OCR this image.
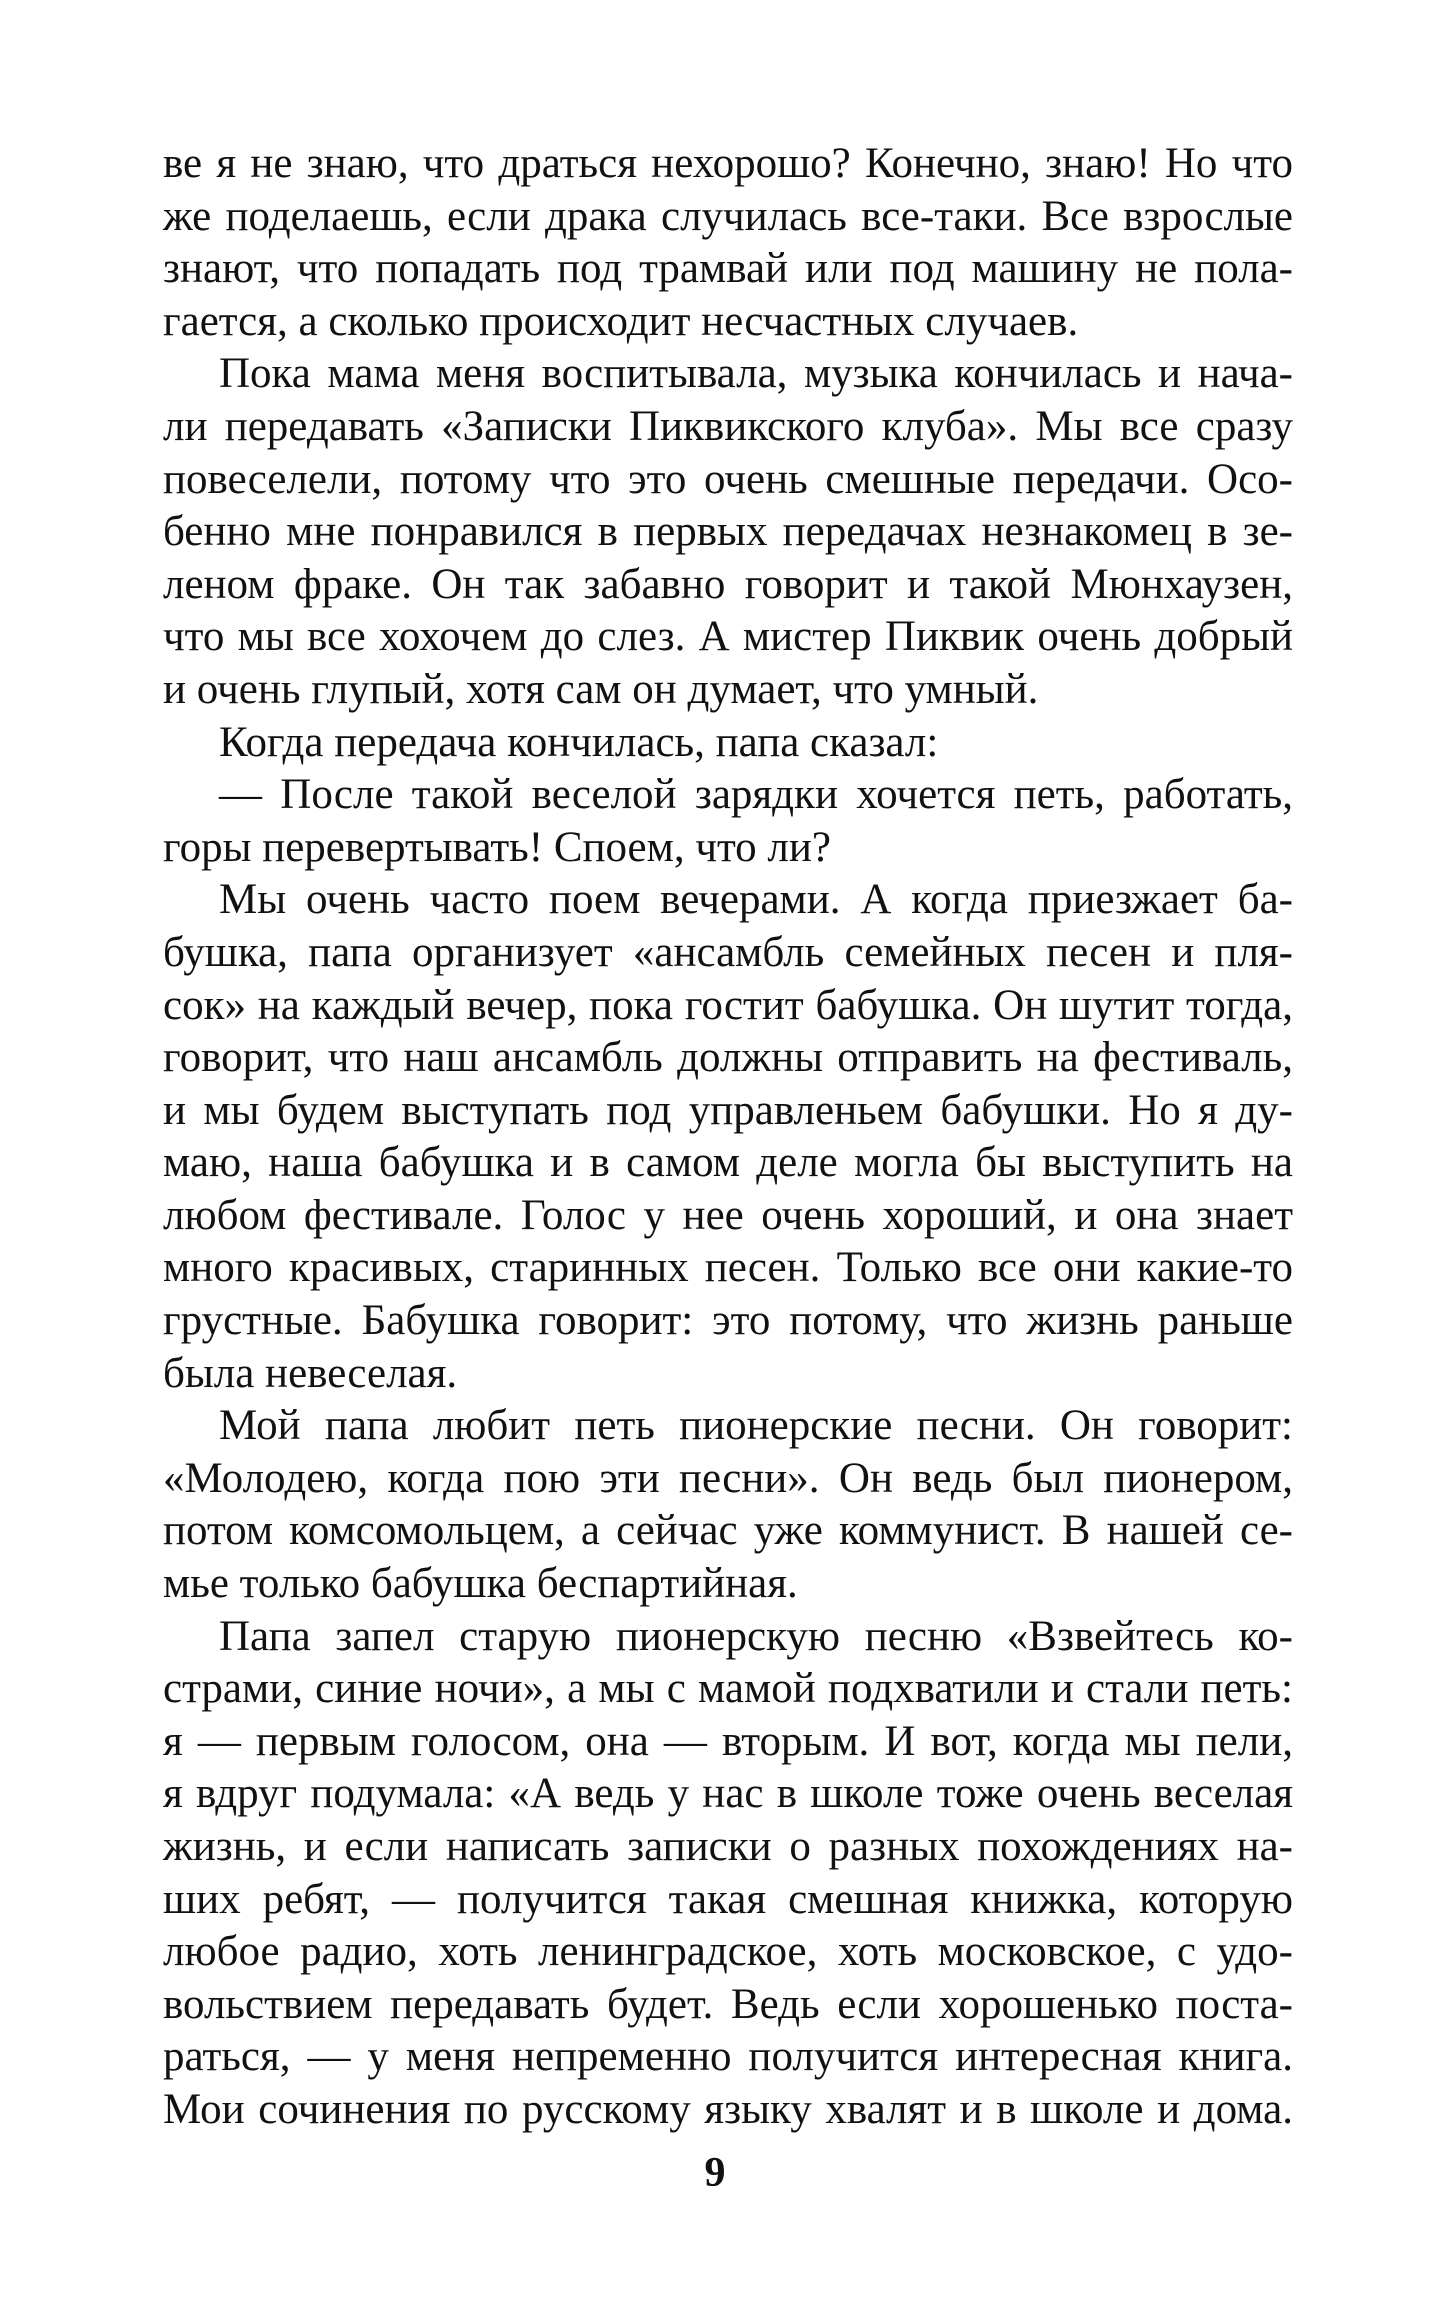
ве я не знаю, что драться нехорошо? Конечно, знаю! Но что
же поделаешь, если драка случилась все-таки. Все взрослые
знают, что попадать под трамвай или под машину не пола-
гается, а сколько происходит несчастных случаев.
Пока мама меня воспитывала, музыка кончилась и нача-
ли передавать «Записки Пиквикского клуба». Мы все сразу
повеселели, потому что это очень смешные передачи. Осо-
бенно мне понравился в первых передачах незнакомец в зе-
леном фраке. Он так забавно говорит и такой Мюнхаузен,
что мы все хохочем до слез. А мистер Пиквик очень добрый
и очень глупый, хотя сам он думает, что умный.
Когда передача кончилась, папа сказал:
— После такой веселой зарядки хочется петь, работать,
горы перевертывать! Споем, что ли?
Мы очень часто поем вечерами. А когда приезжает ба-
бушка, папа организует «ансамбль семейных песен и пля-
сок» на каждый вечер, пока гостит бабушка. Он шутит тогда,
говорит, что наш ансамбль должны отправить на фестиваль,
и мы будем выступать под управленьем бабушки. Но я ду-
маю, наша бабушка и в самом деле могла бы выступить на
любом фестивале. Голос у нее очень хороший, и она знает
много красивых, старинных песен. Только все они какие-то
грустные. Бабушка говорит: это потому, что жизнь раньше
была невеселая.
Мой папа любит петь пионерские песни. Он говорит:
«Молодею, когда пою эти песни». Он ведь был пионером,
потом комсомольцем, а сейчас уже коммунист. В нашей се-
мье только бабушка беспартийная.
Папа запел старую пионерскую песню «Взвейтесь ко-
страми, синие ночи», а мы с мамой подхватили и стали петь:
я — первым голосом, она — вторым. И вот, когда мы пели,
я вдруг подумала: «А ведь у нас в школе тоже очень веселая
жизнь, и если написать записки о разных похождениях на-
ших ребят, — получится такая смешная книжка, которую
любое радио, хоть ленинградское, хоть московское, с удо-
вольствием передавать будет. Ведь если хорошенько поста-
раться, — у меня непременно получится интересная книга.
Мои сочинения по русскому языку хвалят и в школе и дома.
9
